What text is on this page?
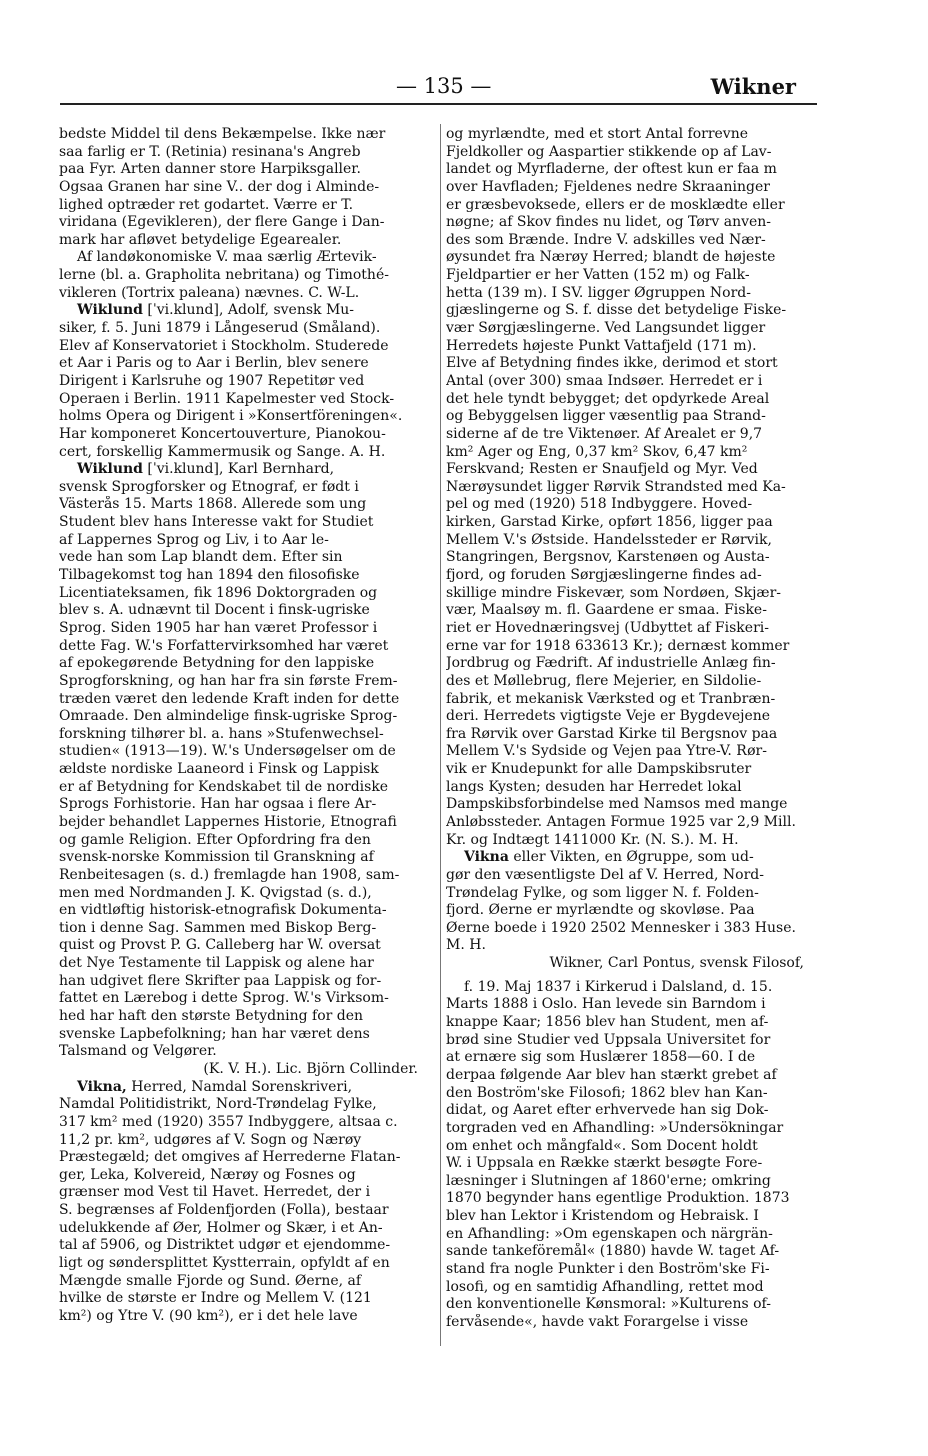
— 135 —	Wikner
bedste Middel til dens Bekæmpelse. Ikke nær
saa farlig er T. (Retinia) resinana's Angreb
paa Fyr. Arten danner store Harpiksgaller.
Ogsaa Granen har sine V.. der dog i Alminde-
lighed optræder ret godartet. Værre er T.
viridana (Egevikleren), der flere Gange i Dan-
mark har afløvet betydelige Egearealer.
Af landøkonomiske V. maa særlig Ærtevik-
lerne (bl. a. Grapholita nebritana) og Timothé-
vikleren (Tortrix paleana) nævnes. C. W-L.
Wiklund [ˈvi.klund], Adolf, svensk Mu-
siker, f. 5. Juni 1879 i Långeserud (Småland).
Elev af Konservatoriet i Stockholm. Studerede
et Aar i Paris og to Aar i Berlin, blev senere
Dirigent i Karlsruhe og 1907 Repetitør ved
Operaen i Berlin. 1911 Kapelmester ved Stock-
holms Opera og Dirigent i »Konsertföreningen«.
Har komponeret Koncertouverture, Pianokou-
cert, forskellig Kammermusik og Sange. A. H.
Wiklund [ˈvi.klund], Karl Bernhard,
svensk Sprogforsker og Etnograf, er født i
Västerås 15. Marts 1868. Allerede som ung
Student blev hans Interesse vakt for Studiet
af Lappernes Sprog og Liv, i to Aar le-
vede han som Lap blandt dem. Efter sin
Tilbagekomst tog han 1894 den filosofiske
Licentiateksamen, fik 1896 Doktorgraden og
blev s. A. udnævnt til Docent i finsk-ugriske
Sprog. Siden 1905 har han været Professor i
dette Fag. W.'s Forfattervirksomhed har været
af epokegørende Betydning for den lappiske
Sprogforskning, og han har fra sin første Frem-
træden været den ledende Kraft inden for dette
Omraade. Den almindelige finsk-ugriske Sprog-
forskning tilhører bl. a. hans »Stufenwechsel-
studien« (1913—19). W.'s Undersøgelser om de
ældste nordiske Laaneord i Finsk og Lappisk
er af Betydning for Kendskabet til de nordiske
Sprogs Forhistorie. Han har ogsaa i flere Ar-
bejder behandlet Lappernes Historie, Etnografi
og gamle Religion. Efter Opfordring fra den
svensk-norske Kommission til Granskning af
Renbeitesagen (s. d.) fremlagde han 1908, sam-
men med Nordmanden J. K. Qvigstad (s. d.),
en vidtløftig historisk-etnografisk Dokumenta-
tion i denne Sag. Sammen med Biskop Berg-
quist og Provst P. G. Calleberg har W. oversat
det Nye Testamente til Lappisk og alene har
han udgivet flere Skrifter paa Lappisk og for-
fattet en Lærebog i dette Sprog. W.'s Virksom-
hed har haft den største Betydning for den
svenske Lapbefolkning; han har været dens
Talsmand og Velgører.
(K. V. H.). Lic. Björn Collinder.
Vikna, Herred, Namdal Sorenskriveri,
Namdal Politidistrikt, Nord-Trøndelag Fylke,
317 km² med (1920) 3557 Indbyggere, altsaa c.
11,2 pr. km², udgøres af V. Sogn og Nærøy
Præstegæld; det omgives af Herrederne Flatan-
ger, Leka, Kolvereid, Nærøy og Fosnes og
grænser mod Vest til Havet. Herredet, der i
S. begrænses af Foldenfjorden (Folla), bestaar
udelukkende af Øer, Holmer og Skær, i et An-
tal af 5906, og Distriktet udgør et ejendomme-
ligt og søndersplittet Kystterrain, opfyldt af en
Mængde smalle Fjorde og Sund. Øerne, af
hvilke de største er Indre og Mellem V. (121
km²) og Ytre V. (90 km²), er i det hele lave
og myrlændte, med et stort Antal forrevne
Fjeldkoller og Aaspartier stikkende op af Lav-
landet og Myrfladerne, der oftest kun er faa m
over Havfladen; Fjeldenes nedre Skraaninger
er græsbevoksede, ellers er de mosklædte eller
nøgne; af Skov findes nu lidet, og Tørv anven-
des som Brænde. Indre V. adskilles ved Nær-
øysundet fra Nærøy Herred; blandt de højeste
Fjeldpartier er her Vatten (152 m) og Falk-
hetta (139 m). I SV. ligger Øgruppen Nord-
gjæslingerne og S. f. disse det betydelige Fiske-
vær Sørgjæslingerne. Ved Langsundet ligger
Herredets højeste Punkt Vattafjeld (171 m).
Elve af Betydning findes ikke, derimod et stort
Antal (over 300) smaa Indsøer. Herredet er i
det hele tyndt bebygget; det opdyrkede Areal
og Bebyggelsen ligger væsentlig paa Strand-
siderne af de tre Viktenøer. Af Arealet er 9,7
km² Ager og Eng, 0,37 km² Skov, 6,47 km²
Ferskvand; Resten er Snaufjeld og Myr. Ved
Nærøysundet ligger Rørvik Strandsted med Ka-
pel og med (1920) 518 Indbyggere. Hoved-
kirken, Garstad Kirke, opført 1856, ligger paa
Mellem V.'s Østside. Handelssteder er Rørvik,
Stangringen, Bergsnov, Karstenøen og Austa-
fjord, og foruden Sørgjæslingerne findes ad-
skillige mindre Fiskevær, som Nordøen, Skjær-
vær, Maalsøy m. fl. Gaardene er smaa. Fiske-
riet er Hovednæringsvej (Udbyttet af Fiskeri-
erne var for 1918 633613 Kr.); dernæst kommer
Jordbrug og Fædrift. Af industrielle Anlæg fin-
des et Møllebrug, flere Mejerier, en Sildolie-
fabrik, et mekanisk Værksted og et Tranbræn-
deri. Herredets vigtigste Veje er Bygdevejene
fra Rørvik over Garstad Kirke til Bergsnov paa
Mellem V.'s Sydside og Vejen paa Ytre-V. Rør-
vik er Knudepunkt for alle Dampskibsruter
langs Kysten; desuden har Herredet lokal
Dampskibsforbindelse med Namsos med mange
Anløbssteder. Antagen Formue 1925 var 2,9 Mill.
Kr. og Indtægt 1411000 Kr. (N. S.). M. H.
Vikna eller Vikten, en Øgruppe, som ud-
gør den væsentligste Del af V. Herred, Nord-
Trøndelag Fylke, og som ligger N. f. Folden-
fjord. Øerne er myrlændte og skovløse. Paa
Øerne boede i 1920 2502 Mennesker i 383 Huse.
M. H.
Wikner, Carl Pontus, svensk Filosof,
f. 19. Maj 1837 i Kirkerud i Dalsland, d. 15.
Marts 1888 i Oslo. Han levede sin Barndom i
knappe Kaar; 1856 blev han Student, men af-
brød sine Studier ved Uppsala Universitet for
at ernære sig som Huslærer 1858—60. I de
derpaa følgende Aar blev han stærkt grebet af
den Boström'ske Filosofi; 1862 blev han Kan-
didat, og Aaret efter erhvervede han sig Dok-
torgraden ved en Afhandling: »Undersökningar
om enhet och mångfald«. Som Docent holdt
W. i Uppsala en Række stærkt besøgte Fore-
læsninger i Slutningen af 1860'erne; omkring
1870 begynder hans egentlige Produktion. 1873
blev han Lektor i Kristendom og Hebraisk. I
en Afhandling: »Om egenskapen och närgrän-
sande tankeföremål« (1880) havde W. taget Af-
stand fra nogle Punkter i den Boström'ske Fi-
losofi, og en samtidig Afhandling, rettet mod
den konventionelle Kønsmoral: »Kulturens of-
fervåsende«, havde vakt Forargelse i visse
